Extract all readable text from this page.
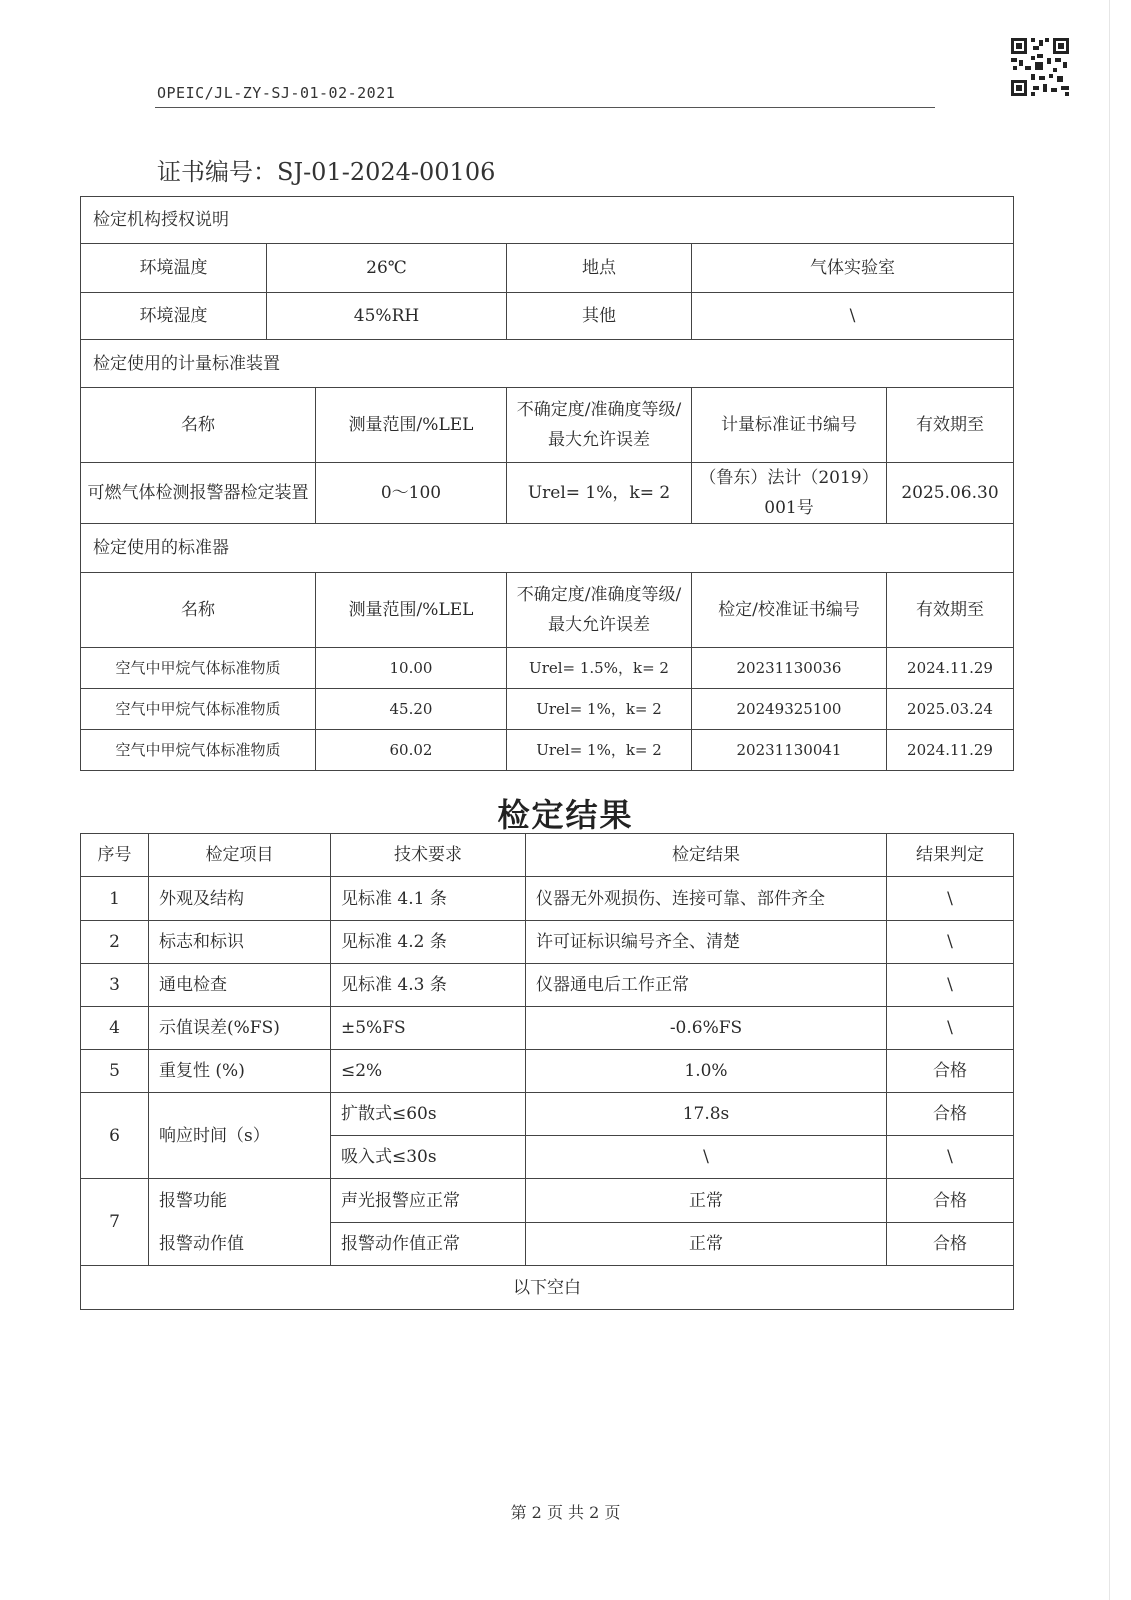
OPEIC/JL-ZY-SJ-01-02-2021
证书编号：SJ-01-2024-00106
检定机构授权说明					
环境温度	26℃		地点	气体实验室	
环境湿度	45%RH		其他	\	
检定使用的计量标准装置					
名称		测量范围/%LEL	不确定度/准确度等级/最大允许误差	计量标准证书编号	有效期至
可燃气体检测报警器检定装置		0～100	Urel= 1%，k= 2	（鲁东）法计（2019）001号	2025.06.30
检定使用的标准器					
名称		测量范围/%LEL	不确定度/准确度等级/最大允许误差	检定/校准证书编号	有效期至
空气中甲烷气体标准物质		10.00	Urel= 1.5%，k= 2	20231130036	2024.11.29
空气中甲烷气体标准物质		45.20	Urel= 1%，k= 2	20249325100	2025.03.24
空气中甲烷气体标准物质		60.02	Urel= 1%，k= 2	20231130041	2024.11.29
检定结果
序号	检定项目	技术要求	检定结果	结果判定
1	外观及结构	见标准 4.1 条	仪器无外观损伤、连接可靠、部件齐全	\
2	标志和标识	见标准 4.2 条	许可证标识编号齐全、清楚	\
3	通电检查	见标准 4.3 条	仪器通电后工作正常	\
4	示值误差(%FS)	±5%FS	-0.6%FS	\
5	重复性 (%)	≤2%	1.0%	合格
6	响应时间（s）	扩散式≤60s	17.8s	合格
		吸入式≤30s	\	\
7	报警功能	声光报警应正常	正常	合格
	报警动作值	报警动作值正常	正常	合格
以下空白				
第 2 页 共 2 页
